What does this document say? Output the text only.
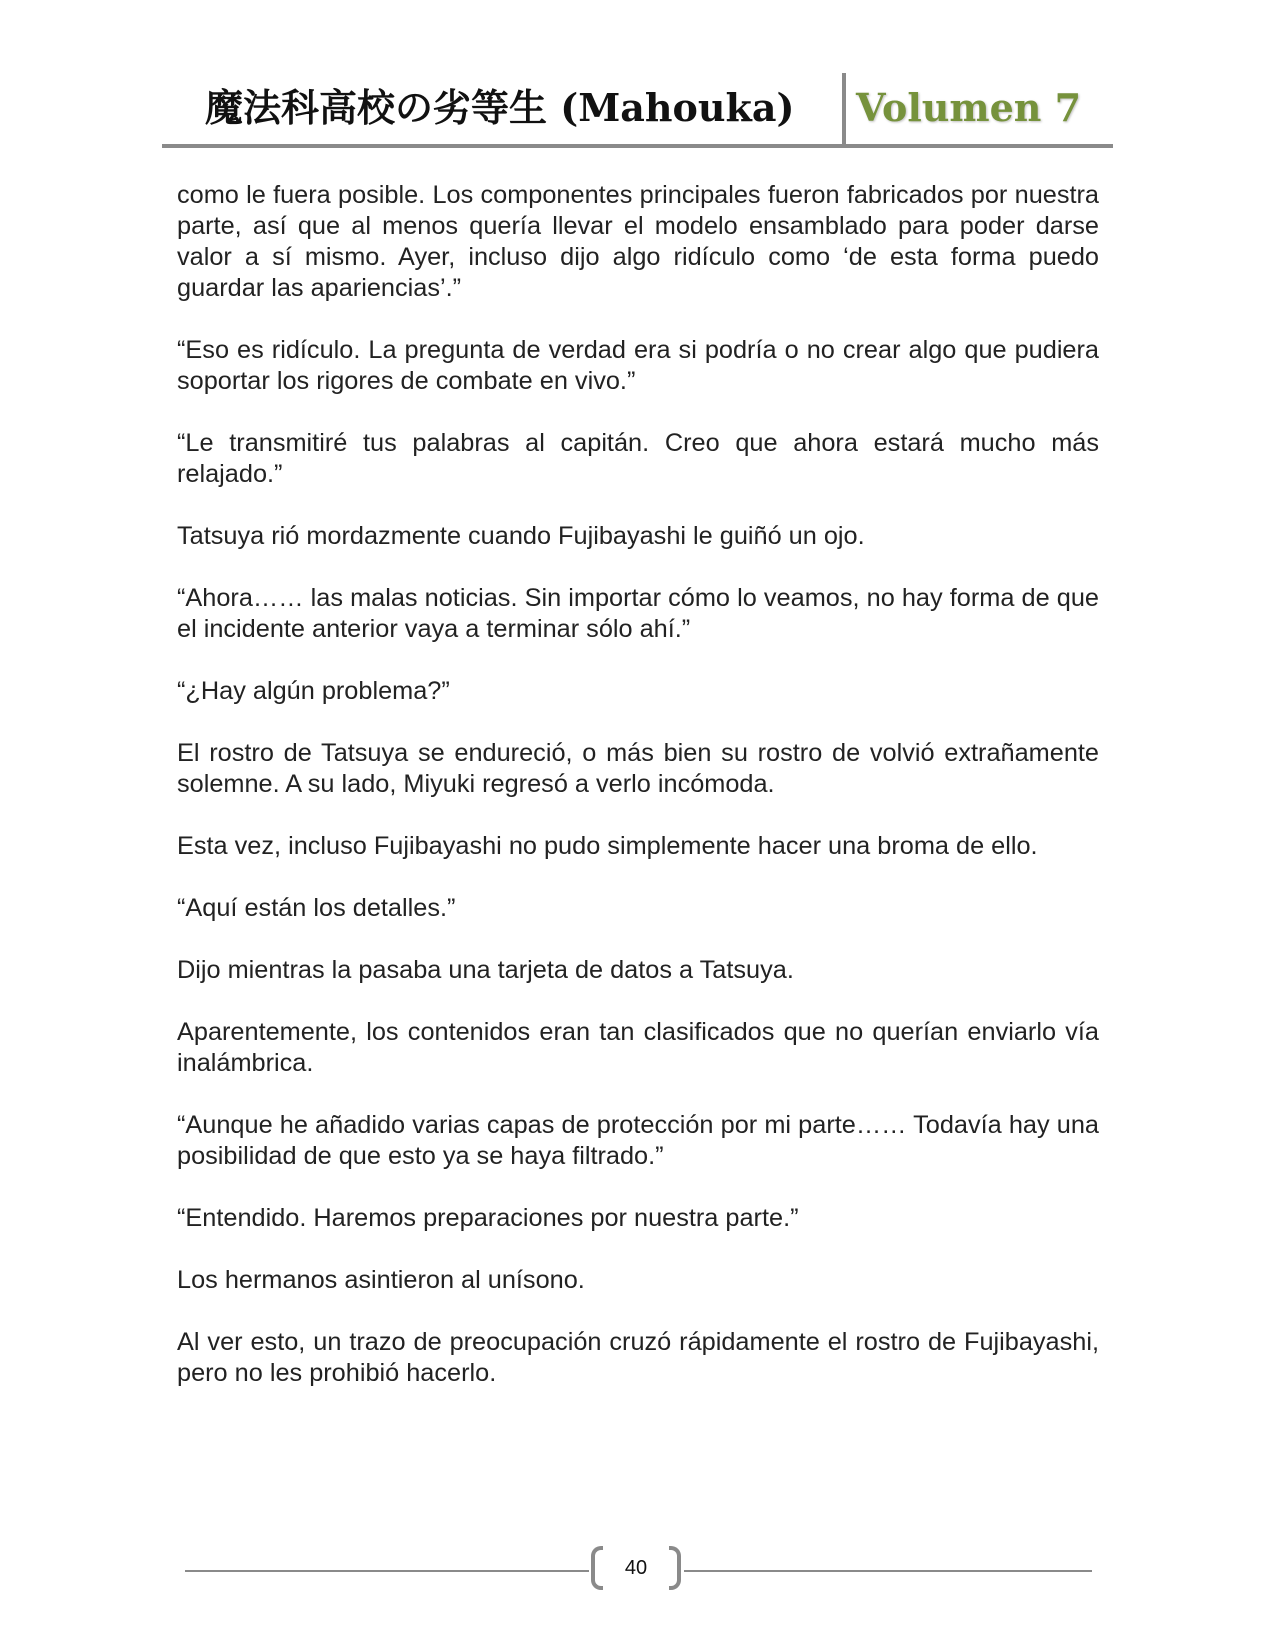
魔法科高校の劣等生 (Mahouka) Volumen 7

como le fuera posible. Los componentes principales fueron fabricados por nuestra parte, así que al menos quería llevar el modelo ensamblado para poder darse valor a sí mismo. Ayer, incluso dijo algo ridículo como ‘de esta forma puedo guardar las apariencias’.”

“Eso es ridículo. La pregunta de verdad era si podría o no crear algo que pudiera soportar los rigores de combate en vivo.”

“Le transmitiré tus palabras al capitán. Creo que ahora estará mucho más relajado.”

Tatsuya rió mordazmente cuando Fujibayashi le guiñó un ojo.

“Ahora…… las malas noticias. Sin importar cómo lo veamos, no hay forma de que el incidente anterior vaya a terminar sólo ahí.”

“¿Hay algún problema?”

El rostro de Tatsuya se endureció, o más bien su rostro de volvió extrañamente solemne. A su lado, Miyuki regresó a verlo incómoda.

Esta vez, incluso Fujibayashi no pudo simplemente hacer una broma de ello.

“Aquí están los detalles.”

Dijo mientras la pasaba una tarjeta de datos a Tatsuya.

Aparentemente, los contenidos eran tan clasificados que no querían enviarlo vía inalámbrica.

“Aunque he añadido varias capas de protección por mi parte…… Todavía hay una posibilidad de que esto ya se haya filtrado.”

“Entendido. Haremos preparaciones por nuestra parte.”

Los hermanos asintieron al unísono.

Al ver esto, un trazo de preocupación cruzó rápidamente el rostro de Fujibayashi, pero no les prohibió hacerlo.

40
